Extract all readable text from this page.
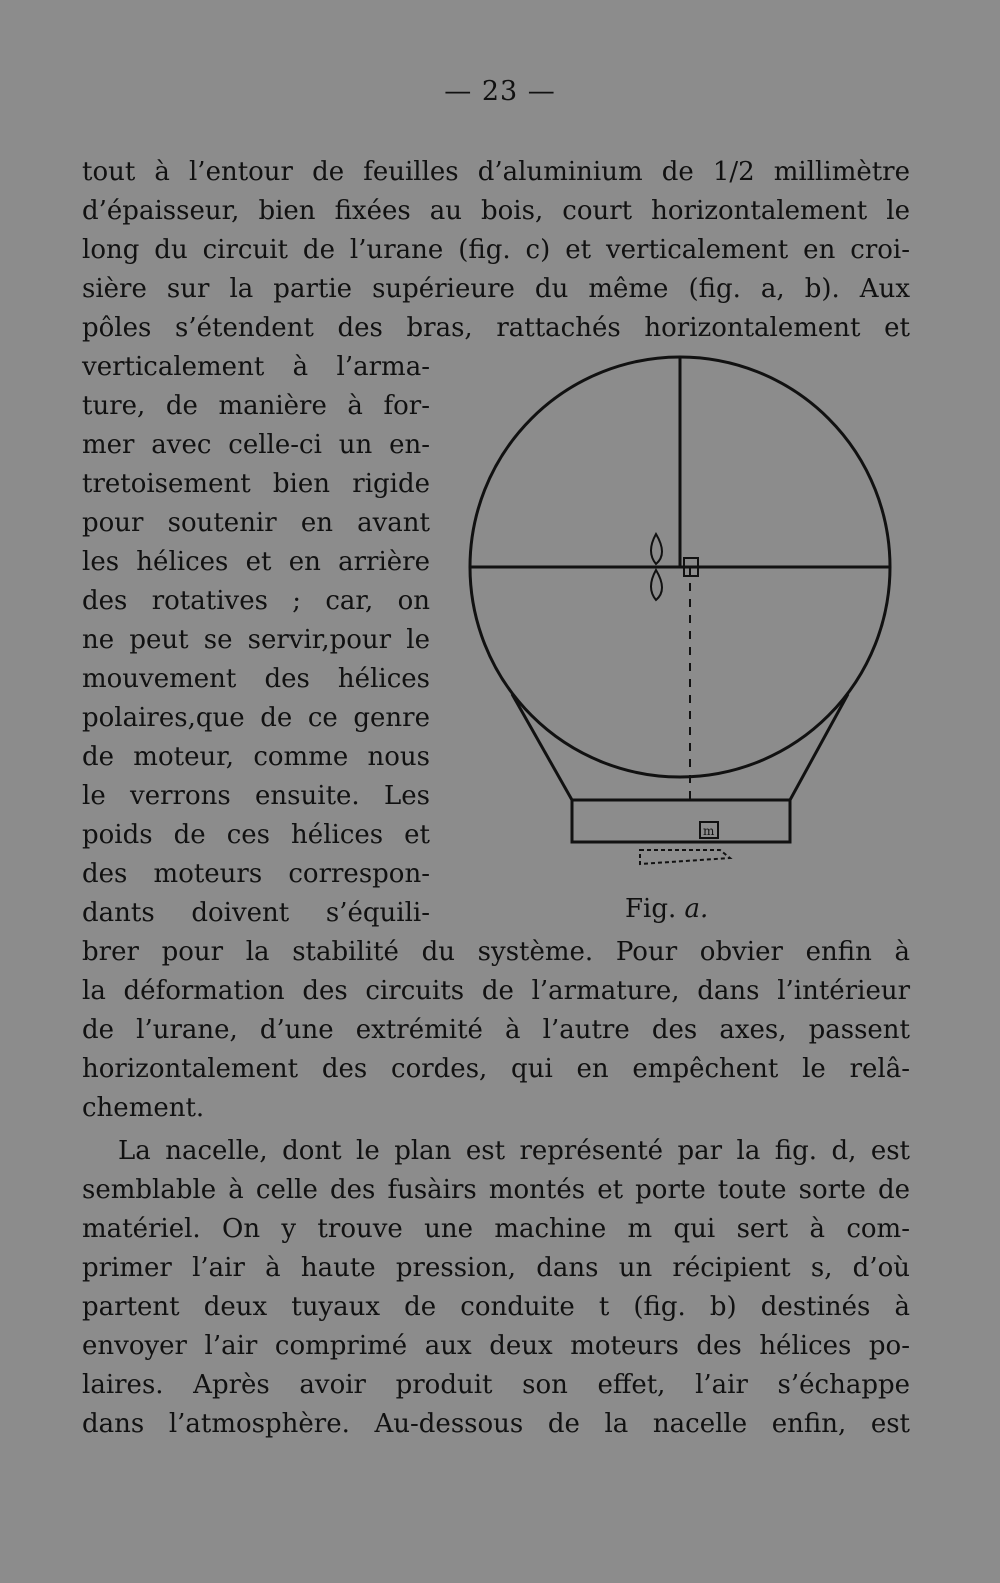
— 23 —
tout à l’entour de feuilles d’aluminium de 1/2 millimètre
d’épaisseur, bien fixées au bois, court horizontalement le
long du circuit de l’urane (fig. c) et verticalement en croi-
sière sur la partie supérieure du même (fig. a, b). Aux
pôles s’étendent des bras, rattachés horizontalement et
verticalement à l’arma-
ture, de manière à for-
mer avec celle-ci un en-
tretoisement bien rigide
pour soutenir en avant
les hélices et en arrière
des rotatives ; car, on
ne peut se servir,pour le
mouvement des hélices
polaires,que de ce genre
de moteur, comme nous
le verrons ensuite. Les
poids de ces hélices et
des moteurs correspon-
dants doivent s’équili-
m
Fig. a.
brer pour la stabilité du système. Pour obvier enfin à
la déformation des circuits de l’armature, dans l’intérieur
de l’urane, d’une extrémité à l’autre des axes, passent
horizontalement des cordes, qui en empêchent le relâ-
chement.
La nacelle, dont le plan est représenté par la fig. d, est
semblable à celle des fusàirs montés et porte toute sorte de
matériel. On y trouve une machine m qui sert à com-
primer l’air à haute pression, dans un récipient s, d’où
partent deux tuyaux de conduite t (fig. b) destinés à
envoyer l’air comprimé aux deux moteurs des hélices po-
laires. Après avoir produit son effet, l’air s’échappe
dans l’atmosphère. Au-dessous de la nacelle enfin, est
